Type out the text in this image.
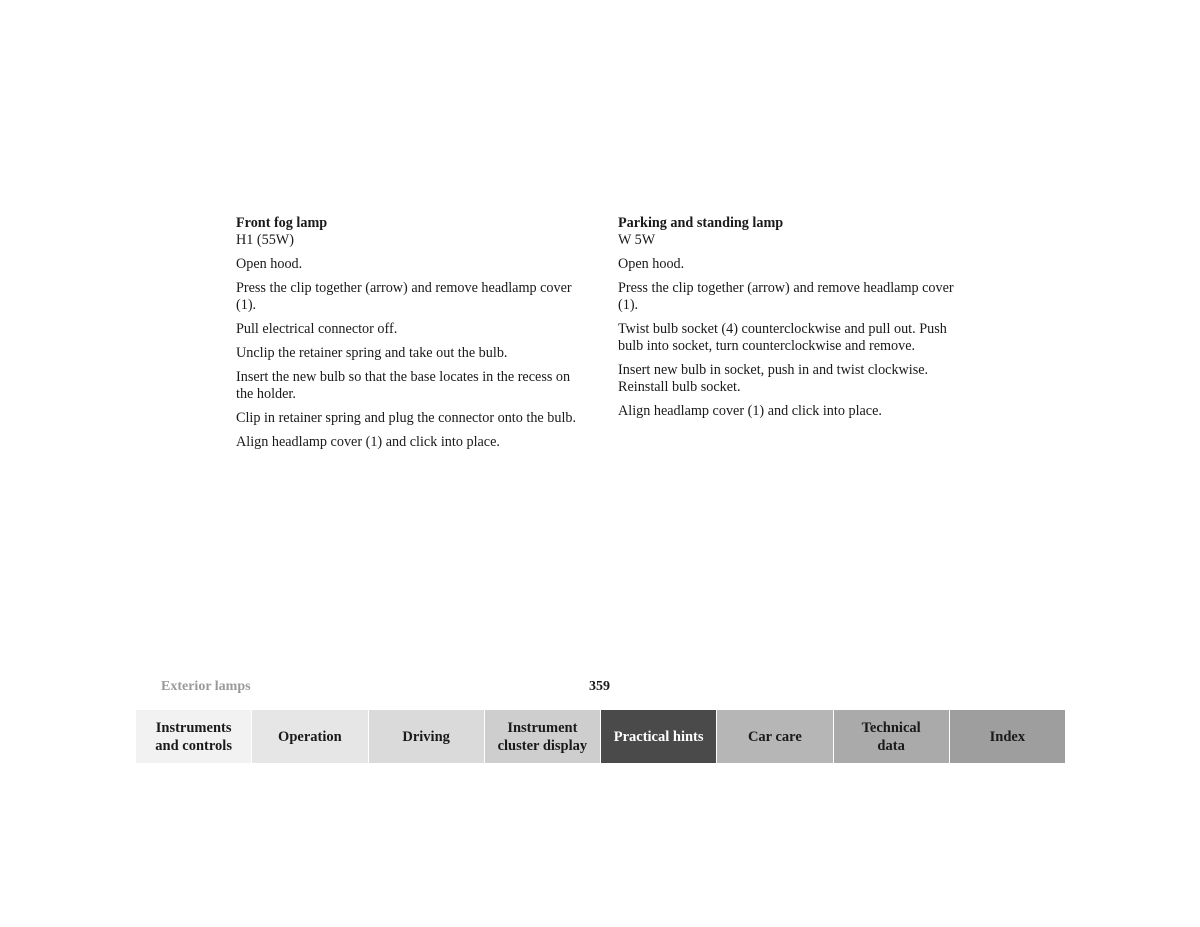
Front fog lamp

H1 (55W)

Open hood.

Press the clip together (arrow) and remove headlamp cover (1).

Pull electrical connector off.

Unclip the retainer spring and take out the bulb.

Insert the new bulb so that the base locates in the recess on the holder.

Clip in retainer spring and plug the connector onto the bulb.

Align headlamp cover (1) and click into place.

Parking and standing lamp

W 5W

Open hood.

Press the clip together (arrow) and remove headlamp cover (1).

Twist bulb socket (4) counterclockwise and pull out. Push bulb into socket, turn counterclockwise and remove.

Insert new bulb in socket, push in and twist clockwise. Reinstall bulb socket.

Align headlamp cover (1) and click into place.

Exterior lamps	359
Instruments
and controls
Operation	Driving
Instrument
cluster display
Practical hints	Car care
Technical
data
Index
